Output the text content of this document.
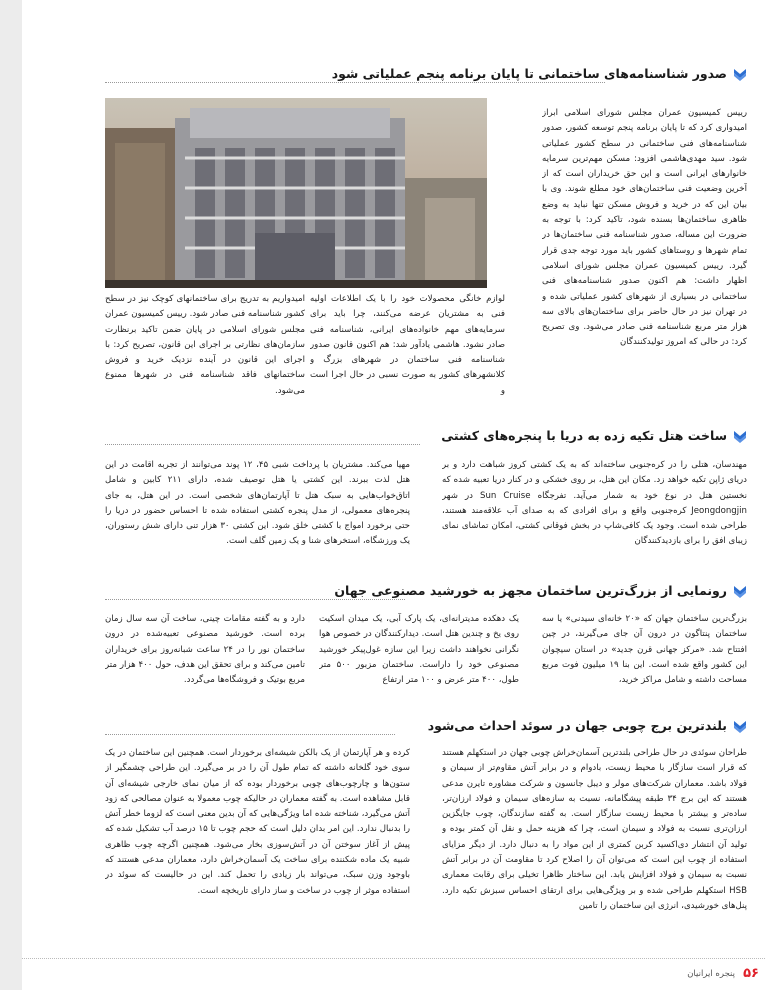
صدور شناسنامه‌های ساختمانی تا پایان برنامه پنجم عملیاتی شود

رییس کمیسیون عمران مجلس شورای اسلامی ابراز امیدواری کرد که تا پایان برنامه پنجم توسعه کشور، صدور شناسنامه‌های فنی ساختمانی در سطح کشور عملیاتی شود. سید مهدی‌هاشمی افزود: مسکن مهم‌ترین سرمایه خانوارهای ایرانی است و این حق خریداران است که از آخرین وضعیت فنی ساختمان‌های خود مطلع شوند. وی با بیان این که در خرید و فروش مسکن تنها نباید به وضع ظاهری ساختمان‌ها بسنده شود، تاکید کرد: با توجه به ضرورت این مساله، صدور شناسنامه فنی ساختمان‌ها در تمام شهرها و روستاهای کشور باید مورد توجه جدی قرار گیرد. رییس کمیسیون عمران مجلس شورای اسلامی اظهار داشت: هم اکنون صدور شناسنامه‌های فنی ساختمانی در بسیاری از شهرهای کشور عملیاتی شده و در تهران نیز در حال حاضر برای ساختمان‌های بالای سه هزار متر مربع شناسنامه فنی صادر می‌شود. وی تصریح کرد: در حالی که امروز تولیدکنندگان

لوازم خانگی محصولات خود را با یک اطلاعات اولیه فنی به مشتریان عرضه می‌کنند، چرا باید برای سرمایه‌های مهم خانواده‌های ایرانی، شناسنامه فنی صادر نشود. هاشمی یادآور شد: هم اکنون قانون صدور شناسنامه فنی ساختمان در شهرهای بزرگ و کلانشهرهای کشور به صورت نسبی در حال اجرا است و

امیدواریم به تدریج برای ساختمانهای کوچک نیز در سطح کشور شناسنامه فنی صادر شود. رییس کمیسیون عمران مجلس شورای اسلامی در پایان ضمن تاکید برنظارت سازمان‌های نظارتی بر اجرای این قانون، تصریح کرد: با اجرای این قانون در آینده نزدیک خرید و فروش ساختمانهای فاقد شناسنامه فنی در شهرها ممنوع می‌شود.

ساخت هتل تکیه زده به دریا با پنجره‌های کشتی

مهندسان، هتلی را در کره‌جنوبی ساخته‌اند که به یک کشتی کروز شباهت دارد و بر دریای ژاپن تکیه خواهد زد. مکان این هتل، بر روی خشکی و در کنار دریا تعبیه شده که نخستین هتل در نوع خود به شمار می‌آید. تفرجگاه Sun Cruise در شهر Jeongdongjin کره‌جنوبی واقع و برای افرادی که به صدای آب علاقه‌مند هستند، طراحی شده است. وجود یک کافی‌شاپ در بخش فوقانی کشتی، امکان تماشای نمای زیبای افق را برای بازدیدکنندگان

مهیا می‌کند. مشتریان با پرداخت شبی ۴۵، ۱۲ پوند می‌توانند از تجربه اقامت در این هتل لذت ببرند. این کشتی یا هتل توصیف شده، دارای ۲۱۱ کابین و شامل اتاق‌خواب‌هایی به سبک هتل تا آپارتمان‌های شخصی است. در این هتل، به جای پنجره‌های معمولی، از مدل پنجره کشتی استفاده شده تا احساس حضور در دریا را حتی برخورد امواج با کشتی خلق شود. این کشتی ۳۰ هزار تنی دارای شش رستوران، یک ورزشگاه، استخرهای شنا و یک زمین گلف است.

رونمایی از بزرگ‌ترین ساختمان مجهز به خورشید مصنوعی جهان

بزرگ‌ترین ساختمان جهان که «۲۰ خانه‌ای سیدنی» یا سه ساختمان پنتاگون در درون آن جای می‌گیرند، در چین افتتاح شد. «مرکز جهانی قرن جدید» در استان سیچوان این کشور واقع شده است. این بنا ۱۹ میلیون فوت مربع مساحت داشته و شامل مراکز خرید،

یک دهکده مدیترانه‌ای، یک پارک آبی، یک میدان اسکیت روی یخ و چندین هتل است. دیدارکنندگان در خصوص هوا نگرانی نخواهند داشت زیرا این سازه غول‌پیکر خورشید مصنوعی خود را داراست. ساختمان مزبور ۵۰۰ متر طول، ۴۰۰ متر عرض و ۱۰۰ متر ارتفاع

دارد و به گفته مقامات چینی، ساخت آن سه سال زمان برده است. خورشید مصنوعی تعبیه‌شده در درون ساختمان نور را در ۲۴ ساعت شبانه‌روز برای خریداران تامین می‌کند و برای تحقق این هدف، حول ۴۰۰ هزار متر مربع بوتیک و فروشگاه‌ها می‌گردد.

بلندترین برج چوبی جهان در سوئد احداث می‌شود

طراحان سوئدی در حال طراحی بلندترین آسمان‌خراش چوبی جهان در استکهلم هستند که قرار است سازگار با محیط زیست، بادوام و در برابر آتش مقاوم‌تر از سیمان و فولاد باشد. معماران شرکت‌های مولر و دیبل جانسون و شرکت مشاوره تایرن مدعی هستند که این برج ۳۴ طبقه پیشگامانه، نسبت به سازه‌های سیمان و فولاد ارزان‌تر، ساده‌تر و بیشتر با محیط زیست سازگار است. به گفته سازندگان، چوب جایگزین ارزان‌تری نسبت به فولاد و سیمان است، چرا که هزینه حمل و نقل آن کمتر بوده و تولید آن انتشار دی‌اکسید کربن کمتری از این مواد را به دنبال دارد. از دیگر مزایای استفاده از چوب این است که می‌توان آن را اصلاح کرد تا مقاومت آن در برابر آتش نسبت به سیمان و فولاد افزایش یابد. این ساختار ظاهرا تخیلی برای رقابت معماری HSB استکهلم طراحی شده و بر ویژگی‌هایی برای ارتقای احساس سبزش تکیه دارد. پنل‌های خورشیدی، انرژی این ساختمان را تامین

کرده و هر آپارتمان از یک بالکن شیشه‌ای برخوردار است. همچنین این ساختمان در یک سوی خود گلخانه داشته که تمام طول آن را در بر می‌گیرد. این طراحی چشمگیر از ستون‌ها و چارچوب‌های چوبی برخوردار بوده که از میان نمای خارجی شیشه‌ای آن قابل مشاهده است. به گفته معماران در حالیکه چوب معمولا به عنوان مصالحی که زود آتش می‌گیرد، شناخته شده اما ویژگی‌هایی که آن بدین معنی است که لزوما خطر آتش را بدنبال ندارد. این امر بدان دلیل است که حجم چوب تا ۱۵ درصد آب تشکیل شده که پیش از آغاز سوختن آن در آتش‌سوزی بخار می‌شود. همچنین اگرچه چوب ظاهری شبیه یک ماده شکننده برای ساخت یک آسمان‌خراش دارد، معماران مدعی هستند که باوجود وزن سبک، می‌تواند بار زیادی را تحمل کند. این در حالیست که سوئد در استفاده موثر از چوب در ساخت و ساز دارای تاریخچه است.

۵۶
پنجره ایرانیان
